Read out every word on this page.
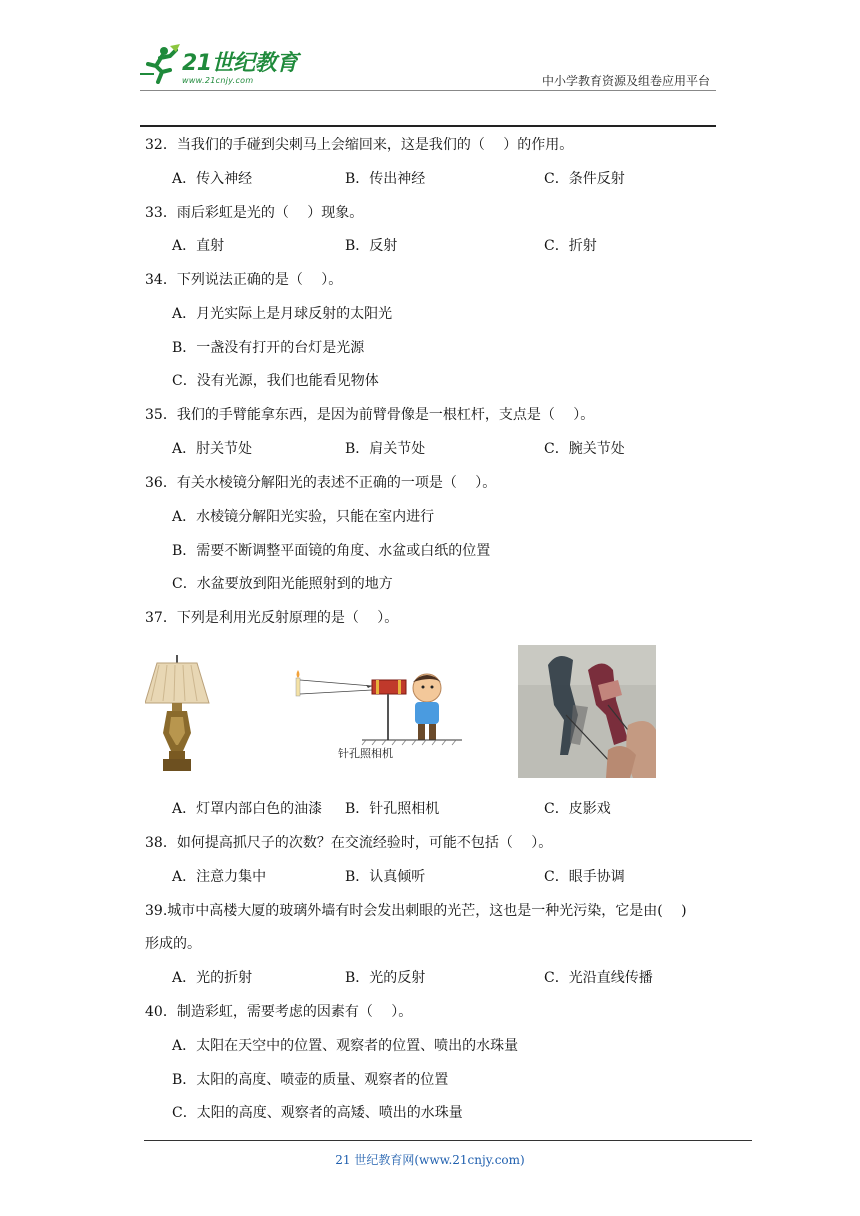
21世纪教育
www.21cnjy.com	中小学教育资源及组卷应用平台
32．当我们的手碰到尖刺马上会缩回来，这是我们的（　 ）的作用。
A．传入神经	B．传出神经	C．条件反射
33．雨后彩虹是光的（　 ）现象。
A．直射	B．反射	C．折射
34．下列说法正确的是（　 ）。
A．月光实际上是月球反射的太阳光
B．一盏没有打开的台灯是光源
C．没有光源，我们也能看见物体
35．我们的手臂能拿东西，是因为前臂骨像是一根杠杆，支点是（　 ）。
A．肘关节处	B．肩关节处	C．腕关节处
36．有关水棱镜分解阳光的表述不正确的一项是（　 ）。
A．水棱镜分解阳光实验，只能在室内进行
B．需要不断调整平面镜的角度、水盆或白纸的位置
C．水盆要放到阳光能照射到的地方
37．下列是利用光反射原理的是（　 ）。
针孔照相机
A．灯罩内部白色的油漆 B．针孔照相机	C．皮影戏
38．如何提高抓尺子的次数？在交流经验时，可能不包括（　 ）。
A．注意力集中	B．认真倾听	C．眼手协调
39.城市中高楼大厦的玻璃外墙有时会发出刺眼的光芒，这也是一种光污染，它是由(　 )
形成的。
A．光的折射	B．光的反射	C．光沿直线传播
40．制造彩虹，需要考虑的因素有（　 ）。
A．太阳在天空中的位置、观察者的位置、喷出的水珠量
B．太阳的高度、喷壶的质量、观察者的位置
C．太阳的高度、观察者的高矮、喷出的水珠量
21 世纪教育网(www.21cnjy.com)
